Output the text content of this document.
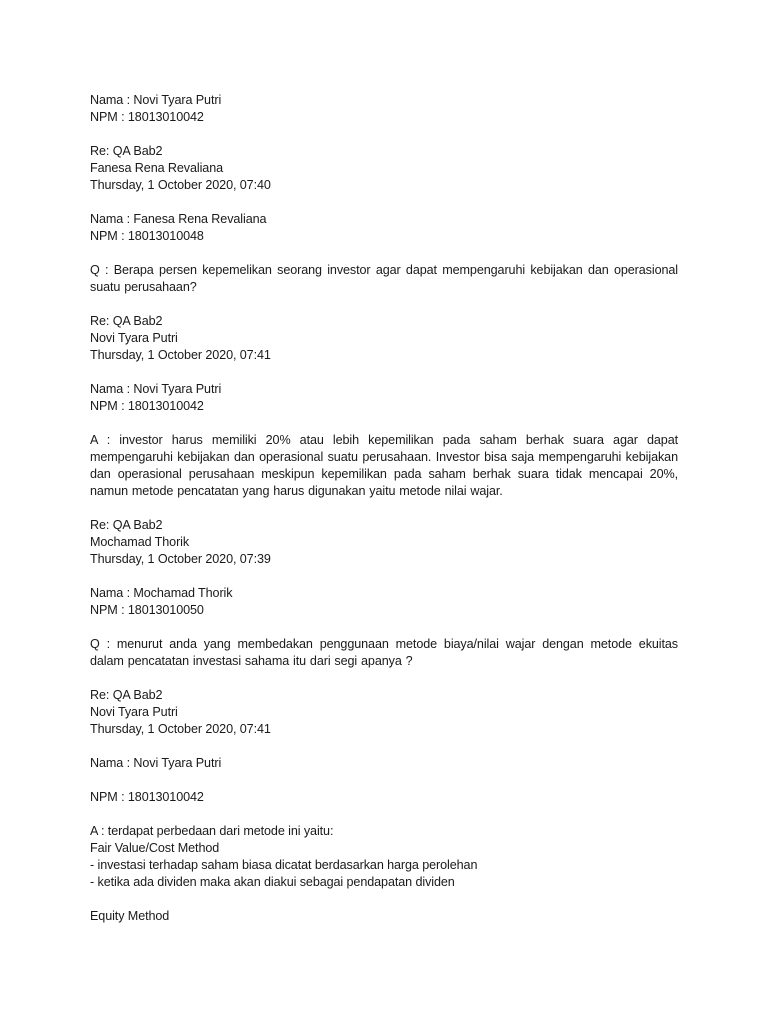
Nama : Novi Tyara Putri
NPM : 18013010042
Re: QA Bab2
Fanesa Rena Revaliana
Thursday, 1 October 2020, 07:40
Nama : Fanesa Rena Revaliana
NPM : 18013010048
Q : Berapa persen kepemelikan seorang investor agar dapat mempengaruhi kebijakan dan operasional suatu perusahaan?
Re: QA Bab2
Novi Tyara Putri
Thursday, 1 October 2020, 07:41
Nama : Novi Tyara Putri
NPM : 18013010042
A : investor harus memiliki 20% atau lebih kepemilikan pada saham berhak suara agar dapat mempengaruhi kebijakan dan operasional suatu perusahaan. Investor bisa saja mempengaruhi kebijakan dan operasional perusahaan meskipun kepemilikan pada saham berhak suara tidak mencapai 20%, namun metode pencatatan yang harus digunakan yaitu metode nilai wajar.
Re: QA Bab2
Mochamad Thorik
Thursday, 1 October 2020, 07:39
Nama : Mochamad Thorik
NPM : 18013010050
Q : menurut anda yang membedakan penggunaan metode biaya/nilai wajar dengan metode ekuitas dalam pencatatan investasi sahama itu dari segi apanya ?
Re: QA Bab2
Novi Tyara Putri
Thursday, 1 October 2020, 07:41
Nama : Novi Tyara Putri
NPM : 18013010042
A : terdapat perbedaan dari metode ini yaitu:
Fair Value/Cost Method
- investasi terhadap saham biasa dicatat berdasarkan harga perolehan
- ketika ada dividen maka akan diakui sebagai pendapatan dividen
Equity Method
